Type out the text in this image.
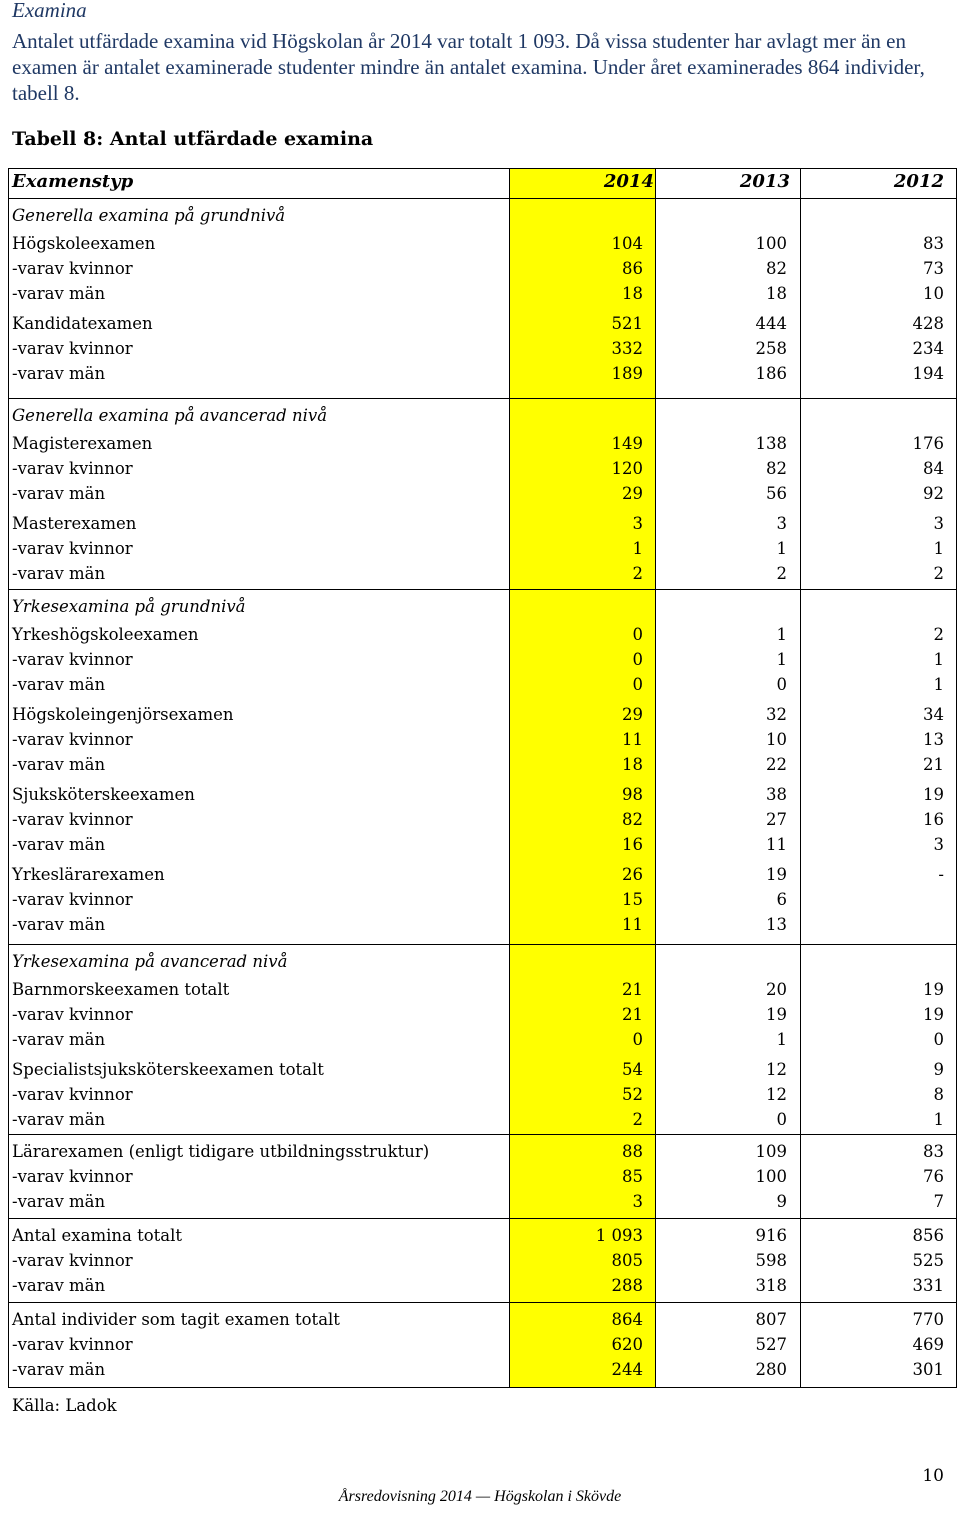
Examina
Antalet utfärdade examina vid Högskolan år 2014 var totalt 1 093. Då vissa studenter har avlagt mer än en examen är antalet examinerade studenter mindre än antalet examina. Under året examinerades 864 individer, tabell 8.
Tabell 8: Antal utfärdade examina
Examenstyp	2014	2013	2012
Generella examina på grundnivå
Högskoleexamen	104	100	83
-varav kvinnor	86	82	73
-varav män	18	18	10
Kandidatexamen	521	444	428
-varav kvinnor	332	258	234
-varav män	189	186	194
Generella examina på avancerad nivå
Magisterexamen	149	138	176
-varav kvinnor	120	82	84
-varav män	29	56	92
Masterexamen	3	3	3
-varav kvinnor	1	1	1
-varav män	2	2	2
Yrkesexamina på grundnivå
Yrkeshögskoleexamen	0	1	2
-varav kvinnor	0	1	1
-varav män	0	0	1
Högskoleingenjörsexamen	29	32	34
-varav kvinnor	11	10	13
-varav män	18	22	21
Sjuksköterskeexamen	98	38	19
-varav kvinnor	82	27	16
-varav män	16	11	3
Yrkeslärarexamen	26	19	-
-varav kvinnor	15	6
-varav män	11	13
Yrkesexamina på avancerad nivå
Barnmorskeexamen totalt	21	20	19
-varav kvinnor	21	19	19
-varav män	0	1	0
Specialistsjuksköterskeexamen totalt	54	12	9
-varav kvinnor	52	12	8
-varav män	2	0	1
Lärarexamen (enligt tidigare utbildningsstruktur)	88	109	83
-varav kvinnor	85	100	76
-varav män	3	9	7
Antal examina totalt	1 093	916	856
-varav kvinnor	805	598	525
-varav män	288	318	331
Antal individer som tagit examen totalt	864	807	770
-varav kvinnor	620	527	469
-varav män	244	280	301
Källa: Ladok
Årsredovisning 2014 — Högskolan i Skövde
10
